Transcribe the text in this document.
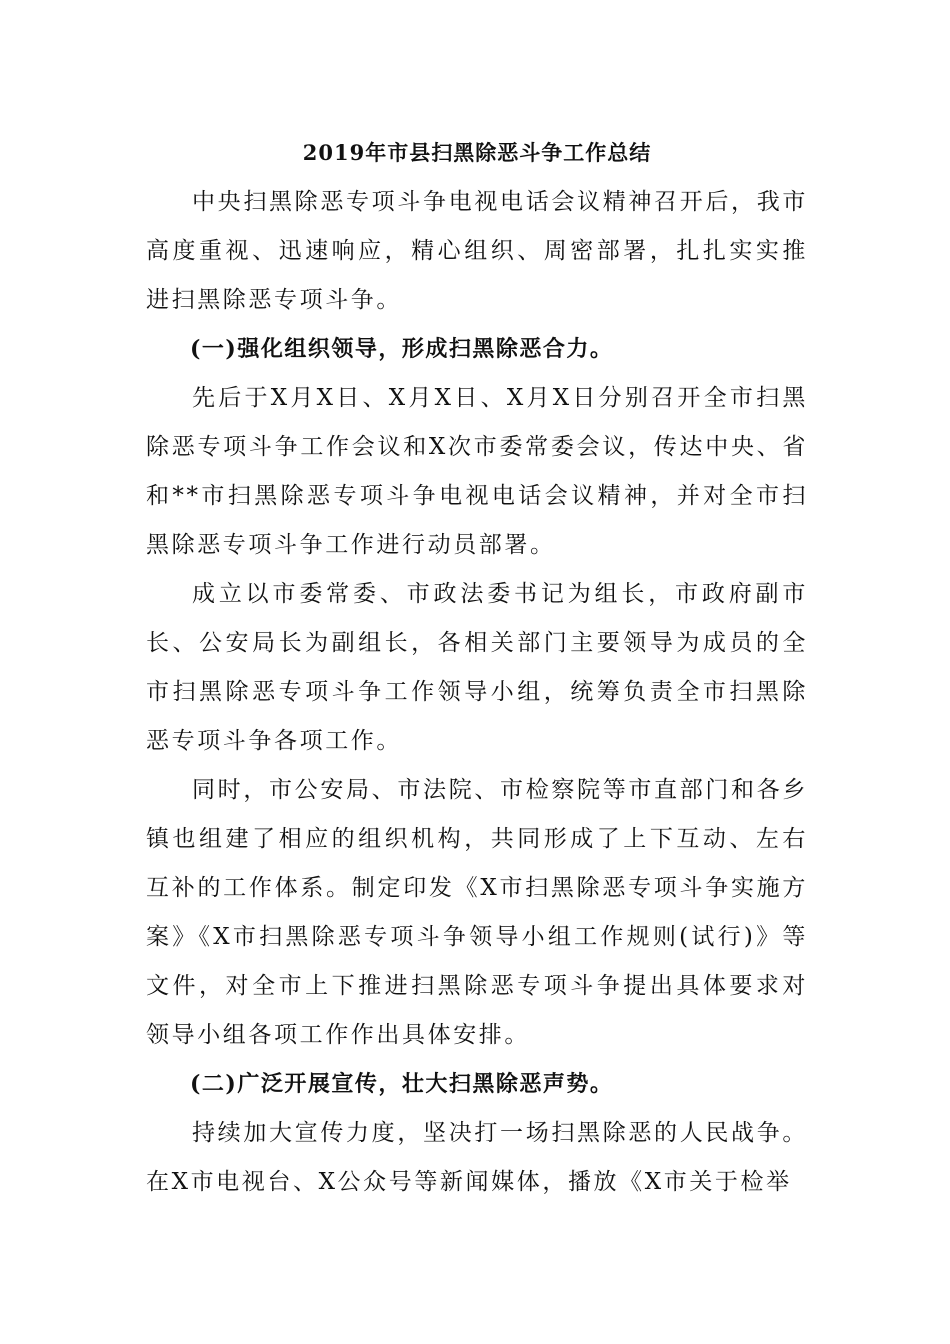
2019年市县扫黑除恶斗争工作总结

中央扫黑除恶专项斗争电视电话会议精神召开后，我市高度重视、迅速响应，精心组织、周密部署，扎扎实实推进扫黑除恶专项斗争。

(一)强化组织领导，形成扫黑除恶合力。

先后于X月X日、X月X日、X月X日分别召开全市扫黑除恶专项斗争工作会议和X次市委常委会议，传达中央、省和**市扫黑除恶专项斗争电视电话会议精神，并对全市扫黑除恶专项斗争工作进行动员部署。

成立以市委常委、市政法委书记为组长，市政府副市长、公安局长为副组长，各相关部门主要领导为成员的全市扫黑除恶专项斗争工作领导小组，统筹负责全市扫黑除恶专项斗争各项工作。

同时，市公安局、市法院、市检察院等市直部门和各乡镇也组建了相应的组织机构，共同形成了上下互动、左右互补的工作体系。制定印发《X市扫黑除恶专项斗争实施方案》《X市扫黑除恶专项斗争领导小组工作规则(试行)》等文件，对全市上下推进扫黑除恶专项斗争提出具体要求对领导小组各项工作作出具体安排。

(二)广泛开展宣传，壮大扫黑除恶声势。

持续加大宣传力度，坚决打一场扫黑除恶的人民战争。在X市电视台、X公众号等新闻媒体，播放《X市关于检举
